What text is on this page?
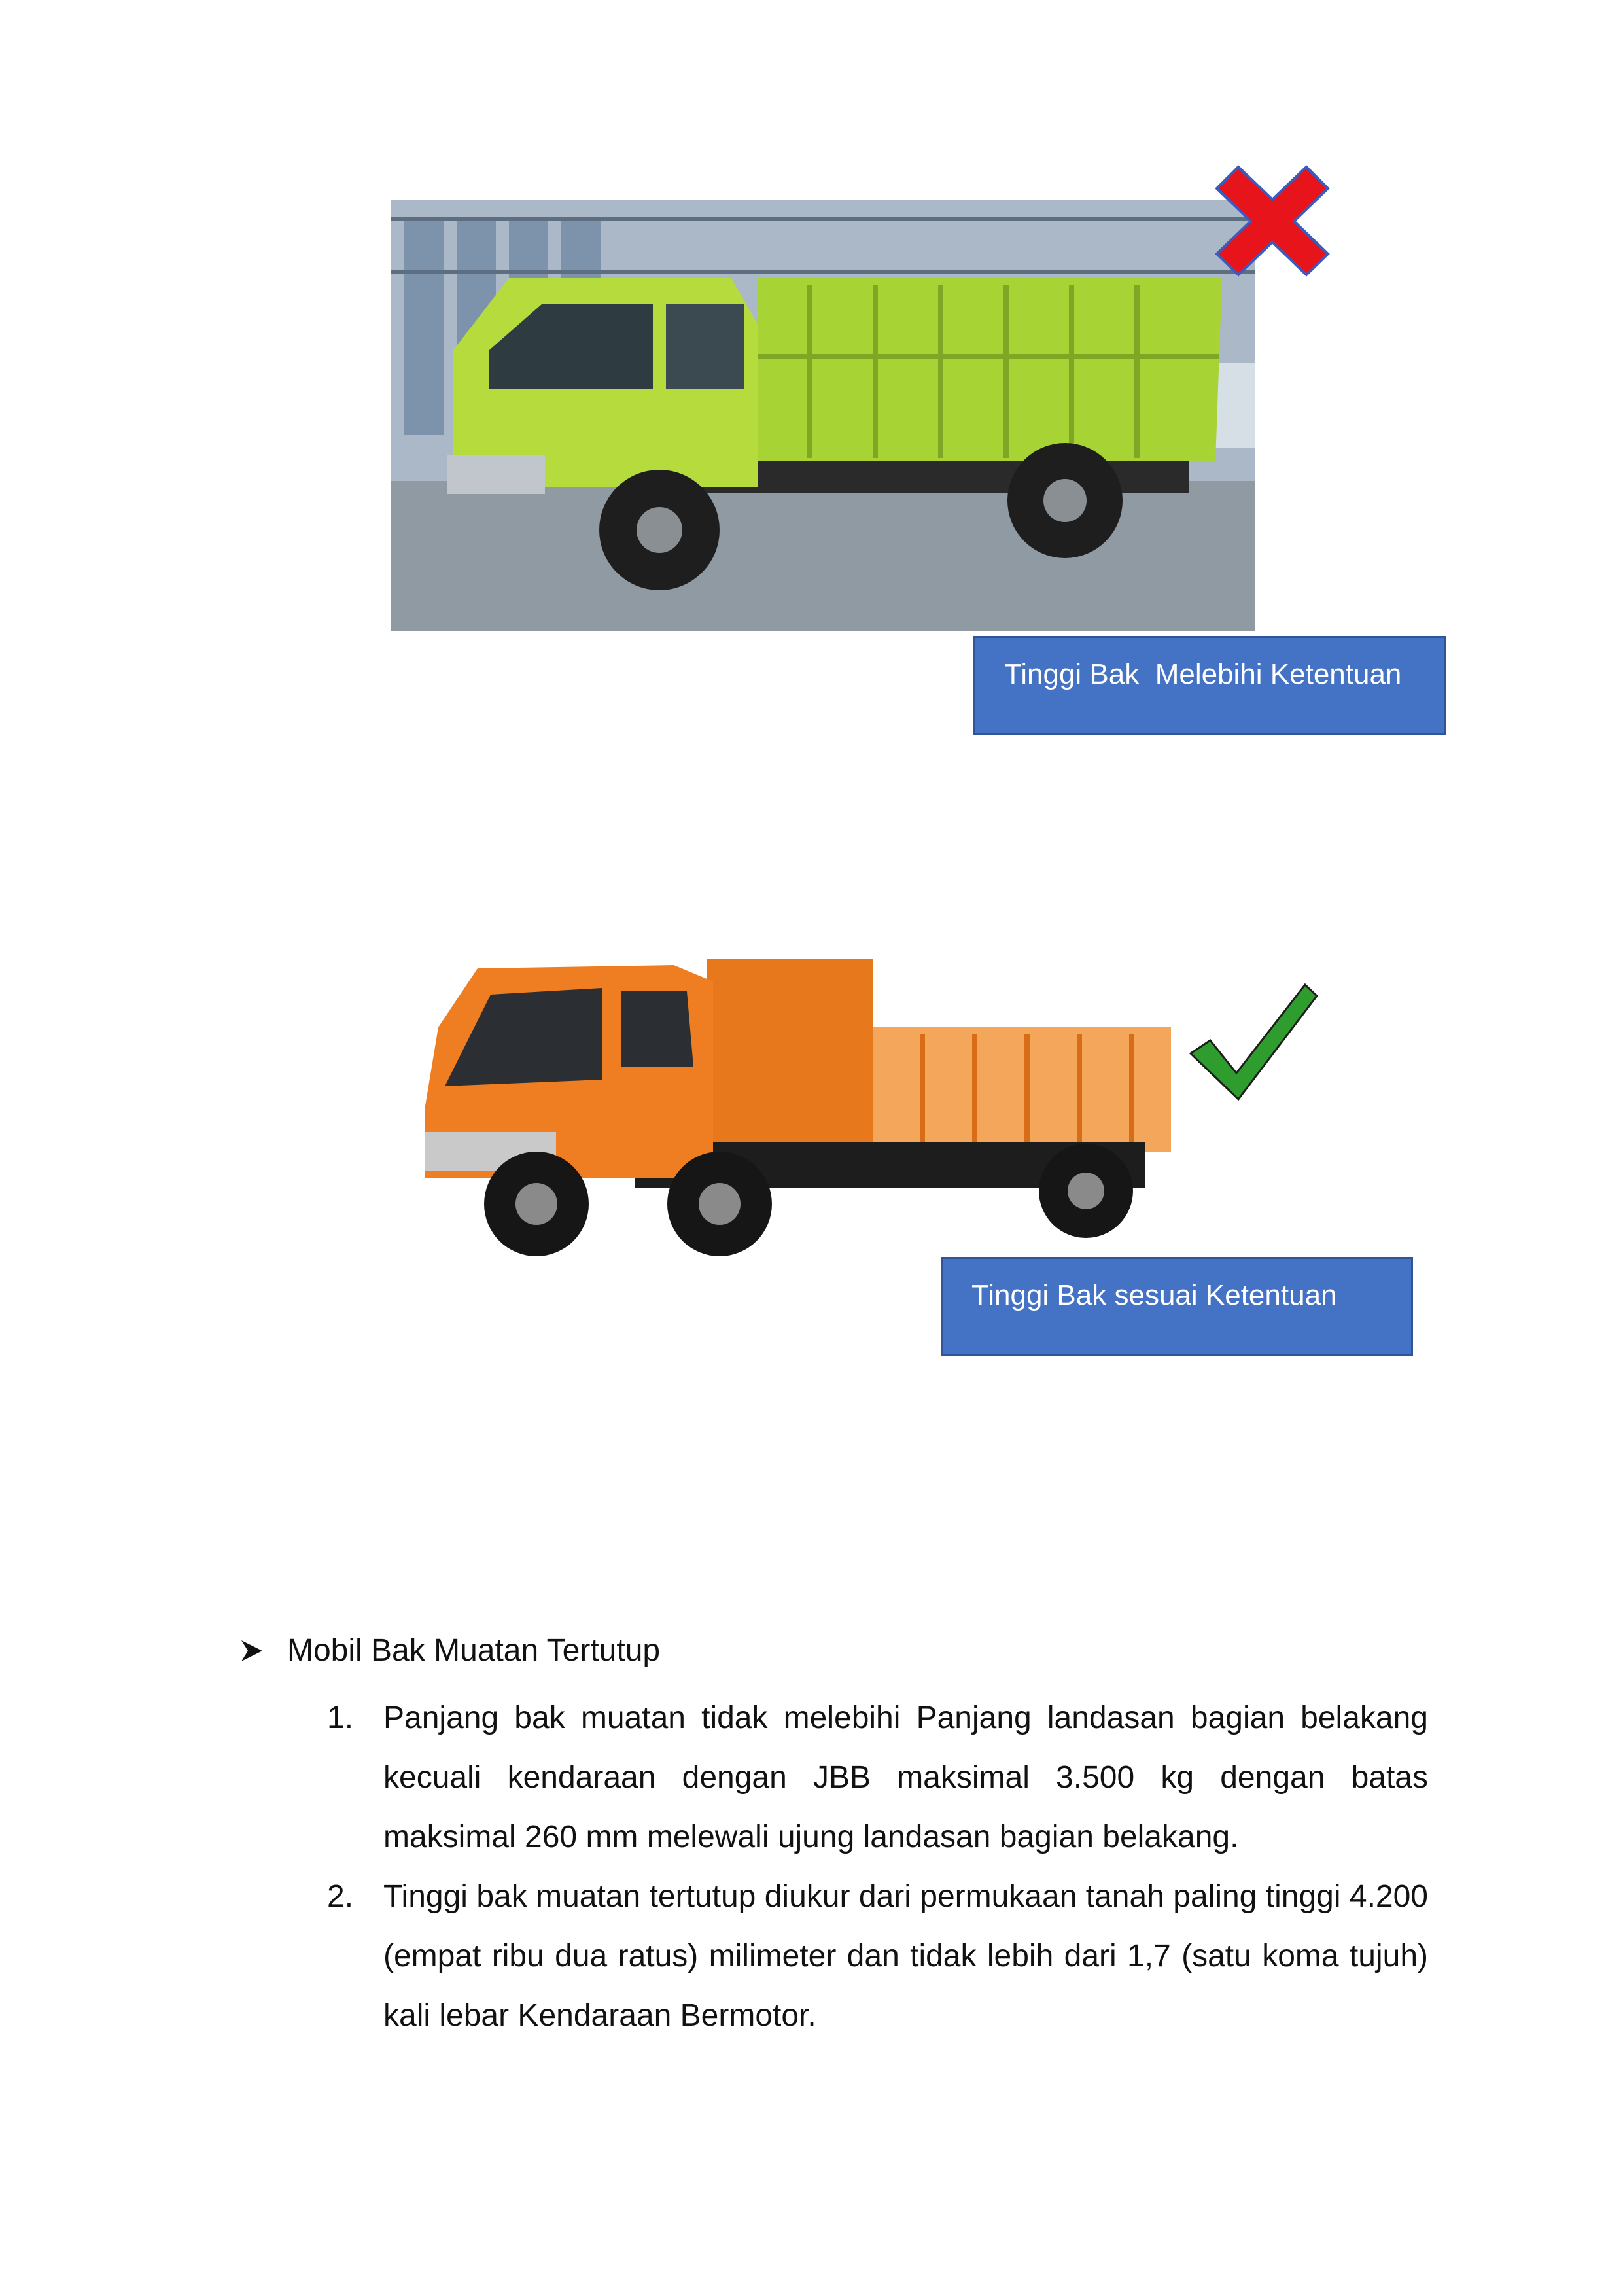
Tinggi Bak  Melebihi Ketentuan
Tinggi Bak sesuai Ketentuan
Mobil Bak Muatan Tertutup
1. Panjang bak muatan tidak melebihi Panjang landasan bagian belakang kecuali kendaraan dengan JBB maksimal 3.500 kg dengan batas maksimal 260 mm melewali ujung landasan bagian belakang.
2. Tinggi bak muatan tertutup diukur dari permukaan tanah paling tinggi 4.200 (empat ribu dua ratus) milimeter dan tidak lebih dari 1,7 (satu koma tujuh) kali lebar Kendaraan Bermotor.
